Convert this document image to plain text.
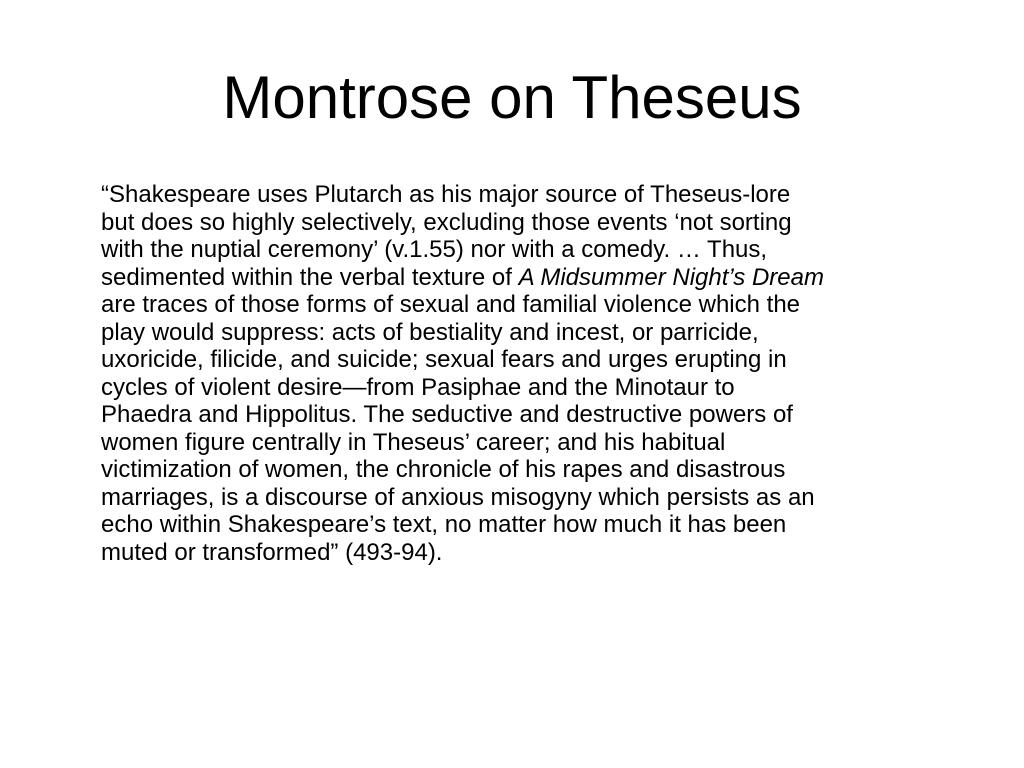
Montrose on Theseus

“Shakespeare uses Plutarch as his major source of Theseus-lore
but does so highly selectively, excluding those events ‘not sorting
with the nuptial ceremony’ (v.1.55) nor with a comedy. … Thus,
sedimented within the verbal texture of A Midsummer Night’s Dream
are traces of those forms of sexual and familial violence which the
play would suppress: acts of bestiality and incest, or parricide,
uxoricide, filicide, and suicide; sexual fears and urges erupting in
cycles of violent desire—from Pasiphae and the Minotaur to
Phaedra and Hippolitus. The seductive and destructive powers of
women figure centrally in Theseus’ career; and his habitual
victimization of women, the chronicle of his rapes and disastrous
marriages, is a discourse of anxious misogyny which persists as an
echo within Shakespeare’s text, no matter how much it has been
muted or transformed” (493-94).
